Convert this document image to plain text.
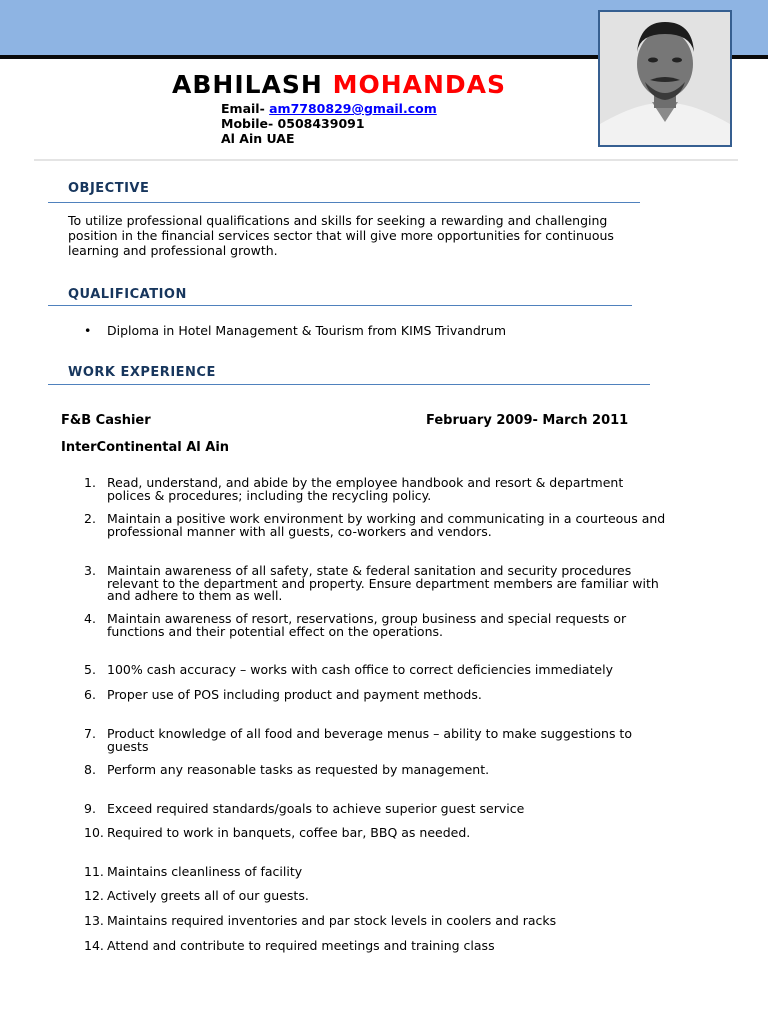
ABHILASH MOHANDAS
Email- am7780829@gmail.com
Mobile- 0508439091
Al Ain UAE
OBJECTIVE
To utilize professional qualifications and skills for seeking a rewarding and challenging position in the financial services sector that will give more opportunities for continuous learning and professional growth.
QUALIFICATION
• Diploma in Hotel Management & Tourism from KIMS Trivandrum
WORK EXPERIENCE
F&B Cashier	February 2009- March 2011
InterContinental Al Ain
1. Read, understand, and abide by the employee handbook and resort & department polices & procedures; including the recycling policy.
2. Maintain a positive work environment by working and communicating in a courteous and professional manner with all guests, co-workers and vendors.
3. Maintain awareness of all safety, state & federal sanitation and security procedures relevant to the department and property. Ensure department members are familiar with and adhere to them as well.
4. Maintain awareness of resort, reservations, group business and special requests or functions and their potential effect on the operations.
5. 100% cash accuracy – works with cash office to correct deficiencies immediately
6. Proper use of POS including product and payment methods.
7. Product knowledge of all food and beverage menus – ability to make suggestions to guests
8. Perform any reasonable tasks as requested by management.
9. Exceed required standards/goals to achieve superior guest service
10. Required to work in banquets, coffee bar, BBQ as needed.
11. Maintains cleanliness of facility
12. Actively greets all of our guests.
13. Maintains required inventories and par stock levels in coolers and racks
14. Attend and contribute to required meetings and training class
